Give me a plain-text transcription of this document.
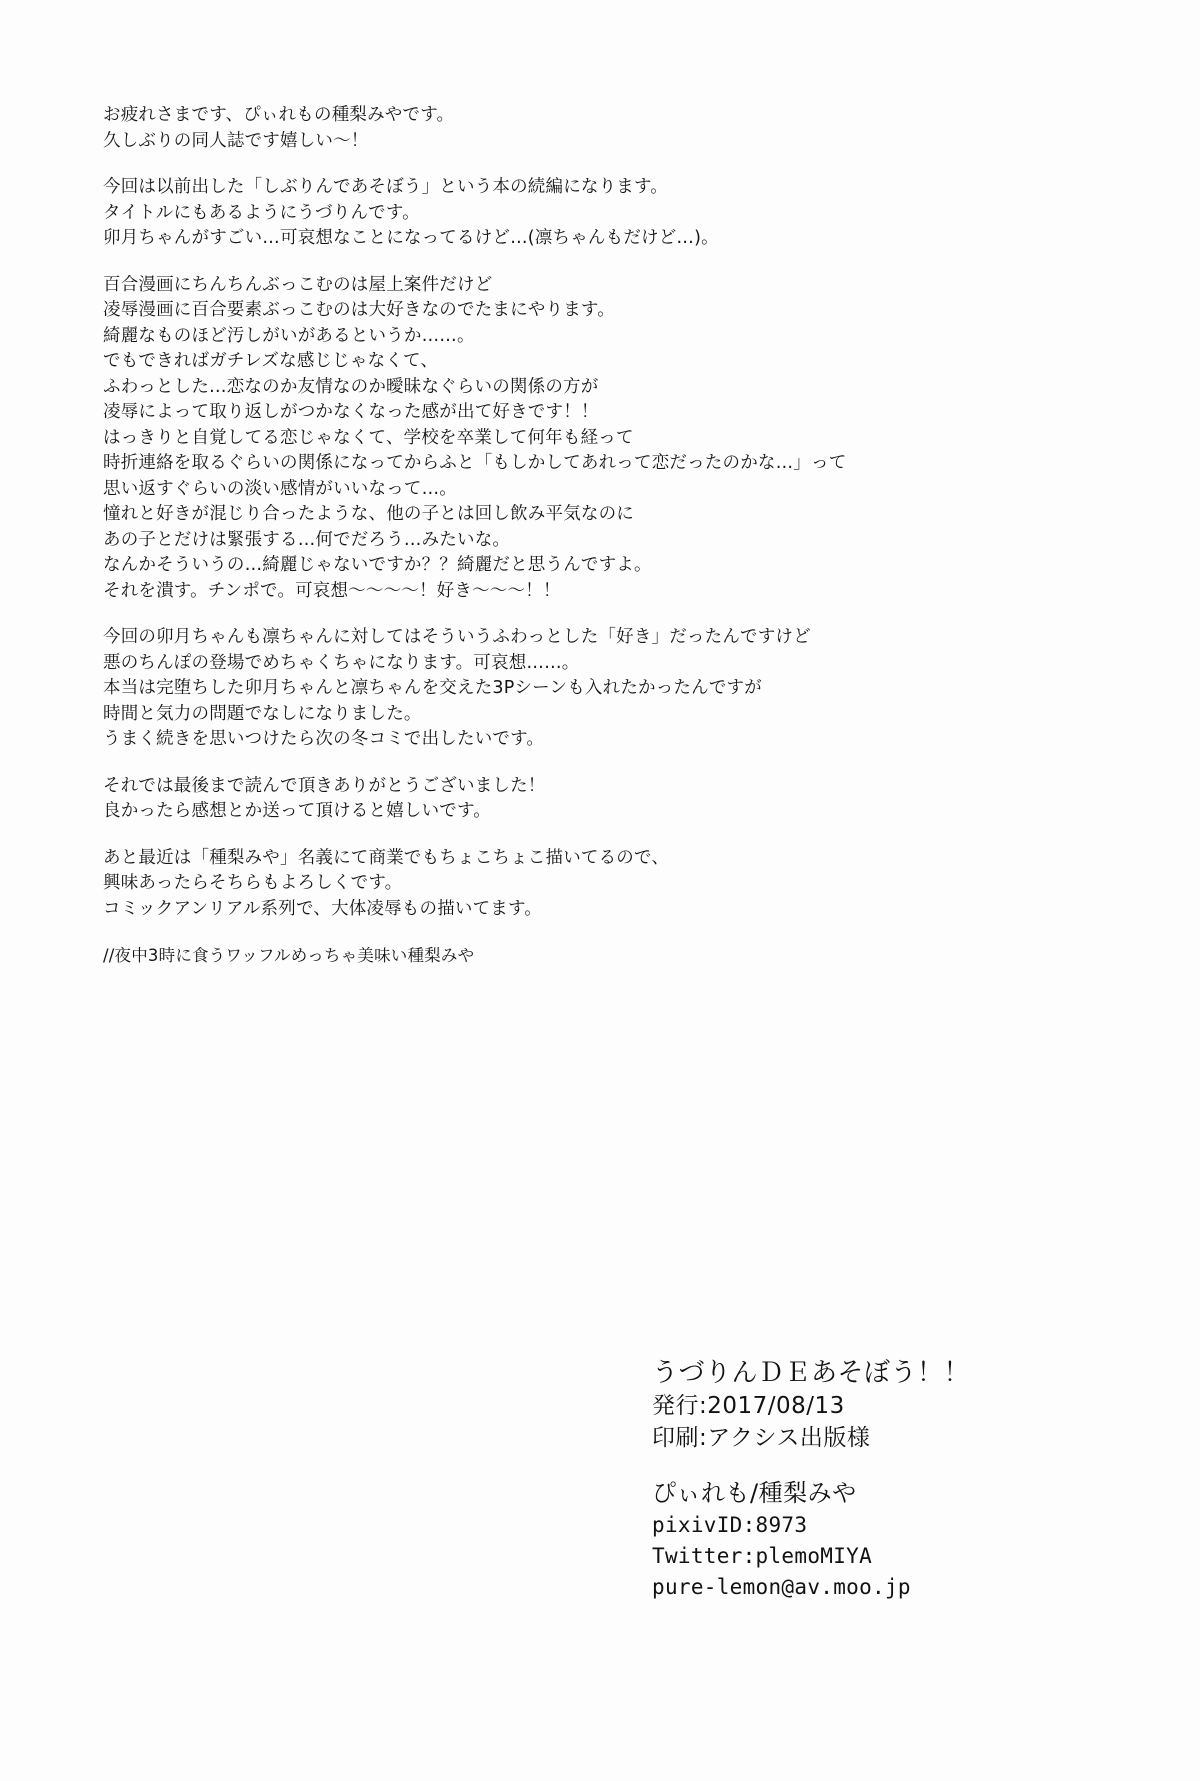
お疲れさまです、ぴぃれもの種梨みやです。
久しぶりの同人誌です嬉しい～！
今回は以前出した「しぶりんであそぼう」という本の続編になります。
タイトルにもあるようにうづりんです。
卯月ちゃんがすごい…可哀想なことになってるけど…(凛ちゃんもだけど…)。
百合漫画にちんちんぶっこむのは屋上案件だけど
凌辱漫画に百合要素ぶっこむのは大好きなのでたまにやります。
綺麗なものほど汚しがいがあるというか……。
でもできればガチレズな感じじゃなくて、
ふわっとした…恋なのか友情なのか曖昧なぐらいの関係の方が
凌辱によって取り返しがつかなくなった感が出て好きです！！
はっきりと自覚してる恋じゃなくて、学校を卒業して何年も経って
時折連絡を取るぐらいの関係になってからふと「もしかしてあれって恋だったのかな…」って
思い返すぐらいの淡い感情がいいなって…。
憧れと好きが混じり合ったような、他の子とは回し飲み平気なのに
あの子とだけは緊張する…何でだろう…みたいな。
なんかそういうの…綺麗じゃないですか？？綺麗だと思うんですよ。
それを潰す。チンポで。可哀想～～～～！好き～～～！！
今回の卯月ちゃんも凛ちゃんに対してはそういうふわっとした「好き」だったんですけど
悪のちんぽの登場でめちゃくちゃになります。可哀想……。
本当は完堕ちした卯月ちゃんと凛ちゃんを交えた3Pシーンも入れたかったんですが
時間と気力の問題でなしになりました。
うまく続きを思いつけたら次の冬コミで出したいです。
それでは最後まで読んで頂きありがとうございました！
良かったら感想とか送って頂けると嬉しいです。
あと最近は「種梨みや」名義にて商業でもちょこちょこ描いてるので、
興味あったらそちらもよろしくです。
コミックアンリアル系列で、大体凌辱もの描いてます。
//夜中3時に食うワッフルめっちゃ美味い種梨みや
うづりんＤＥあそぼう！！
発行:2017/08/13
印刷:アクシス出版様
ぴぃれも/種梨みや
pixivID:8973
Twitter:plemoMIYA
pure-lemon@av.moo.jp
